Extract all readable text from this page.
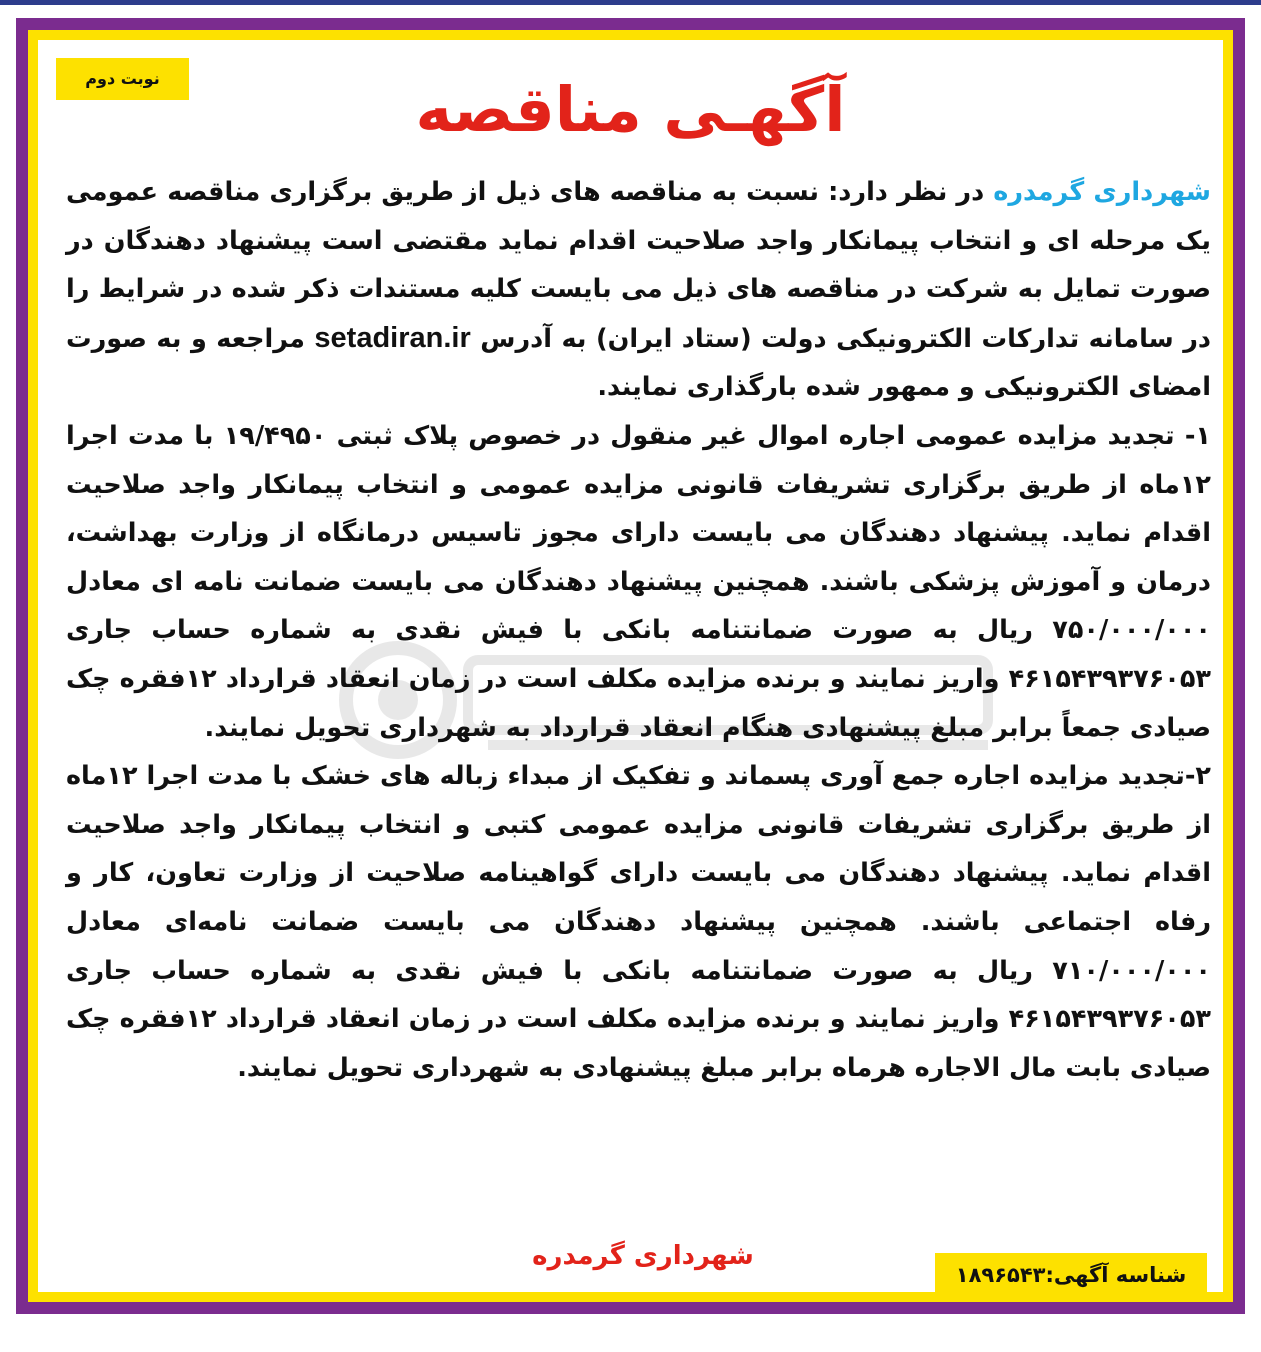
نوبت دوم	آگهـی مناقصه

شهرداری گرمدره در نظر دارد: نسبت به مناقصه های ذیل از طریق برگزاری مناقصه عمومی یک مرحله ای و انتخاب پیمانکار واجد صلاحیت اقدام نماید مقتضی است پیشنهاد دهندگان در صورت تمایل به شرکت در مناقصه های ذیل می بایست کلیه مستندات ذکر شده در شرایط را در سامانه تدارکات الکترونیکی دولت (ستاد ایران) به آدرس setadiran.ir مراجعه و به صورت امضای الکترونیکی و ممهور شده بارگذاری نمایند.

۱- تجدید مزایده عمومی اجاره اموال غیر منقول در خصوص پلاک ثبتی ۱۹/۴۹۵۰ با مدت اجرا ۱۲ماه از طریق برگزاری تشریفات قانونی مزایده عمومی و انتخاب پیمانکار واجد صلاحیت اقدام نماید. پیشنهاد دهندگان می بایست دارای مجوز تاسیس درمانگاه از وزارت بهداشت، درمان و آموزش پزشکی باشند. همچنین پیشنهاد دهندگان می بایست ضمانت نامه ای معادل ۷۵۰/۰۰۰/۰۰۰ ریال به صورت ضمانتنامه بانکی با فیش نقدی به شماره حساب جاری ۴۶۱۵۴۳۹۳۷۶۰۵۳ واریز نمایند و برنده مزایده مکلف است در زمان انعقاد قرارداد ۱۲فقره چک صیادی جمعاً برابر مبلغ پیشنهادی هنگام انعقاد قرارداد به شهرداری تحویل نمایند.

۲-تجدید مزایده اجاره جمع آوری پسماند و تفکیک از مبداء زباله های خشک با مدت اجرا ۱۲ماه از طریق برگزاری تشریفات قانونی مزایده عمومی کتبی و انتخاب پیمانکار واجد صلاحیت اقدام نماید. پیشنهاد دهندگان می بایست دارای گواهینامه صلاحیت از وزارت تعاون، کار و رفاه اجتماعی باشند. همچنین پیشنهاد دهندگان می بایست ضمانت نامه‌ای معادل ۷۱۰/۰۰۰/۰۰۰ ریال به صورت ضمانتنامه بانکی با فیش نقدی به شماره حساب جاری ۴۶۱۵۴۳۹۳۷۶۰۵۳ واریز نمایند و برنده مزایده مکلف است در زمان انعقاد قرارداد ۱۲فقره چک صیادی بابت مال الاجاره هرماه برابر مبلغ پیشنهادی به شهرداری تحویل نمایند.

شهرداری گرمدره
شناسه آگهی:۱۸۹۶۵۴۳
